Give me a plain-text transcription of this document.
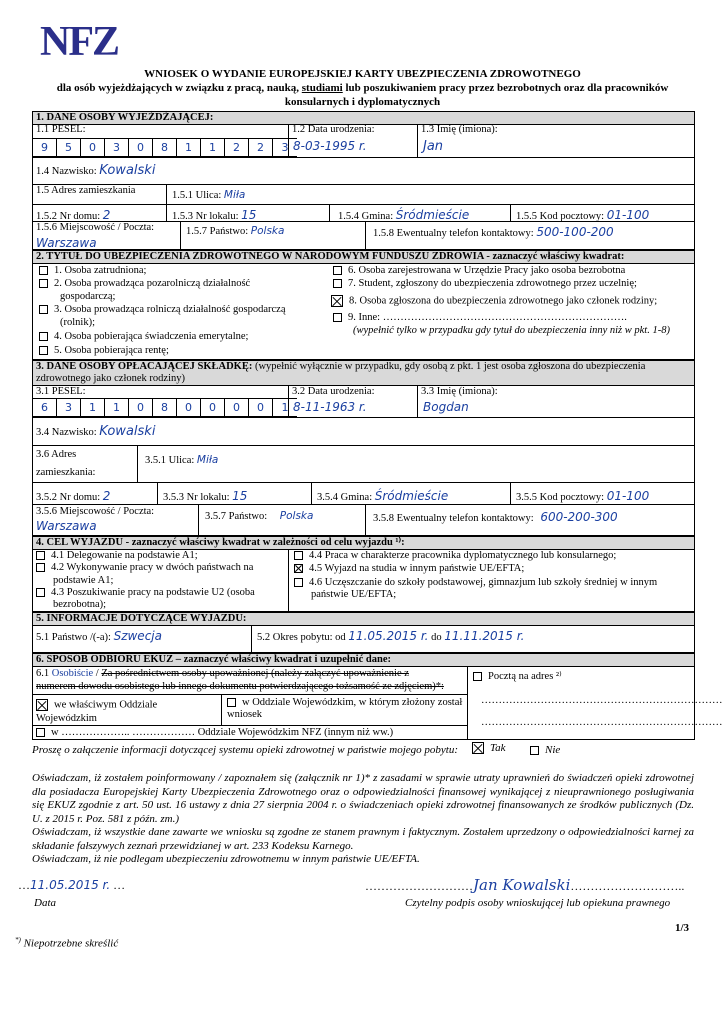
NFZ
WNIOSEK O WYDANIE EUROPEJSKIEJ KARTY UBEZPIECZENIA ZDROWOTNEGO
dla osób wyjeżdżających w związku z pracą, nauką, studiami lub poszukiwaniem pracy przez bezrobotnych oraz dla pracowników
konsularnych i dyplomatycznych
1. DANE OSOBY WYJEŻDŻAJĄCEJ:
1.1 PESEL:
9	5	0	3	0	8	1	1	2	2	3
1.2 Data urodzenia:
8-03-1995 r.
1.3 Imię (imiona):
Jan
1.4 Nazwisko: Kowalski
1.5 Adres zamieszkania	1.5.1 Ulica: Miła
1.5.2 Nr domu: 2	1.5.3 Nr lokalu: 15	1.5.4 Gmina: Śródmieście	1.5.5 Kod pocztowy: 01-100
1.5.6 Miejscowość / Poczta:
Warszawa
1.5.7 Państwo: Polska	1.5.8 Ewentualny telefon kontaktowy: 500-100-200
2. TYTUŁ DO UBEZPIECZENIA ZDROWOTNEGO W NARODOWYM FUNDUSZU ZDROWIA - zaznaczyć właściwy kwadrat:
1. Osoba zatrudniona;
2. Osoba prowadząca pozarolniczą działalność
gospodarczą;
3. Osoba prowadząca rolniczą działalność gospodarczą
(rolnik);
4. Osoba pobierająca świadczenia emerytalne;
5. Osoba pobierająca rentę;
6. Osoba zarejestrowana w Urzędzie Pracy jako osoba bezrobotna
7. Student, zgłoszony do ubezpieczenia zdrowotnego przez uczelnię;
8. Osoba zgłoszona do ubezpieczenia zdrowotnego jako członek rodziny;
9. Inne: …………………………………………………………….
(wypełnić tylko w przypadku gdy tytuł do ubezpieczenia inny niż w pkt. 1-8)
3. DANE OSOBY OPŁACAJĄCEJ SKŁADKĘ: (wypełnić wyłącznie w przypadku, gdy osobą z pkt. 1 jest osoba zgłoszona do ubezpieczenia
zdrowotnego jako członek rodziny)
3.1 PESEL:
6	3	1	1	0	8	0	0	0	0	1
3.2 Data urodzenia:
8-11-1963 r.
3.3 Imię (imiona):
Bogdan
3.4 Nazwisko: Kowalski
3.6 Adres
zamieszkania:
3.5.1 Ulica: Miła
3.5.2 Nr domu: 2	3.5.3 Nr lokalu: 15	3.5.4 Gmina: Śródmieście	3.5.5 Kod pocztowy: 01-100
3.5.6 Miejscowość / Poczta:
Warszawa
3.5.7 Państwo: Polska	3.5.8 Ewentualny telefon kontaktowy: 600-200-300
4. CEL WYJAZDU - zaznaczyć właściwy kwadrat w zależności od celu wyjazdu ¹⁾:
4.1 Delegowanie na podstawie A1;
4.2 Wykonywanie pracy w dwóch państwach na
podstawie A1;
4.3 Poszukiwanie pracy na podstawie U2 (osoba
bezrobotna);
4.4 Praca w charakterze pracownika dyplomatycznego lub konsularnego;
4.5 Wyjazd na studia w innym państwie UE/EFTA;
4.6 Uczęszczanie do szkoły podstawowej, gimnazjum lub szkoły średniej w innym
państwie UE/EFTA;
5. INFORMACJE DOTYCZĄCE WYJAZDU:
5.1 Państwo /(-a): Szwecja	5.2 Okres pobytu: od 11.05.2015 r. do 11.11.2015 r.
6. SPOSÓB ODBIORU EKUZ – zaznaczyć właściwy kwadrat i uzupełnić dane:
6.1 Osobiście / Za pośrednictwem osoby upoważnionej (należy załączyć upoważnienie z
numerem dowodu osobistego lub innego dokumentu potwierdzającego tożsamość ze zdjęciem)*:
Pocztą na adres ²⁾
……………………………………………………………
……………………………………………………………
we właściwym Oddziale
Wojewódzkim
w Oddziale Wojewódzkim, w którym złożony został
wniosek
w ……………….. ……………… Oddziale Wojewódzkim NFZ (innym niż ww.)
Proszę o załączenie informacji dotyczącej systemu opieki zdrowotnej w państwie mojego pobytu:	Tak	Nie
Oświadczam, iż zostałem poinformowany / zapoznałem się (załącznik nr 1)* z zasadami w sprawie utraty uprawnień do świadczeń opieki zdrowotnej dla posiadacza Europejskiej Karty Ubezpieczenia Zdrowotnego oraz o odpowiedzialności finansowej wynikającej z nieuprawnionego posługiwania się EKUZ zgodnie z art. 50 ust. 16 ustawy z dnia 27 sierpnia 2004 r. o świadczeniach opieki zdrowotnej finansowanych ze środków publicznych (Dz. U. z 2015 r. Poz. 581 z późn. zm.)
Oświadczam, iż wszystkie dane zawarte we wniosku są zgodne ze stanem prawnym i faktycznym. Zostałem uprzedzony o odpowiedzialności karnej za składanie fałszywych zeznań przewidzianej w art. 233 Kodeksu Karnego.
Oświadczam, iż nie podlegam ubezpieczeniu zdrowotnemu w innym państwie UE/EFTA.
…11.05.2015 r. …
Data
………………………Jan Kowalski………………………..
Czytelny podpis osoby wnioskującej lub opiekuna prawnego
1/3
*) Niepotrzebne skreślić
